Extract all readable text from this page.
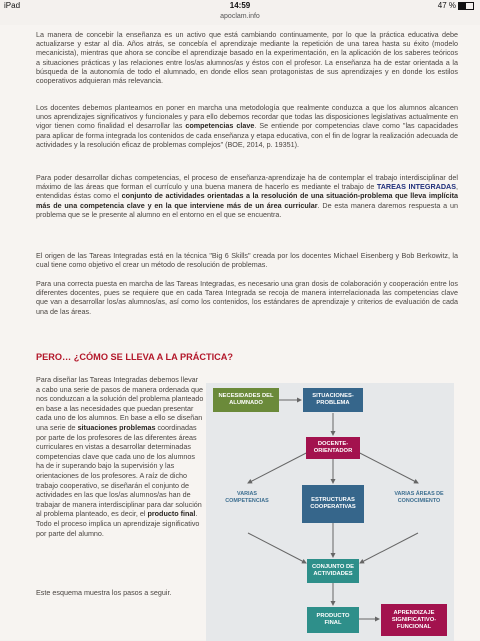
iPad	14:59	47 %
apoclam.info
La manera de concebir la enseñanza es un activo que está cambiando continuamente, por lo que la práctica educativa debe actualizarse y estar al día. Años atrás, se concebía el aprendizaje mediante la repetición de una tarea hasta su éxito (modelo mecanicista), mientras que ahora se concibe el aprendizaje basado en la experimentación, en la aplicación de los saberes teóricos a situaciones prácticas y las relaciones entre los/as alumnos/as y éstos con el profesor. La enseñanza ha de estar orientada a la búsqueda de la autonomía de todo el alumnado, en donde ellos sean protagonistas de sus aprendizajes y en donde los estilos cooperativos adquieran más relevancia.
Los docentes debemos plantearnos en poner en marcha una metodología que realmente conduzca a que los alumnos alcancen unos aprendizajes significativos y funcionales y para ello debemos recordar que todas las disposiciones legislativas actualmente en vigor tienen como finalidad el desarrollar las competencias clave. Se entiende por competencias clave como "las capacidades para aplicar de forma integrada los contenidos de cada enseñanza y etapa educativa, con el fin de lograr la realización adecuada de actividades y la resolución eficaz de problemas complejos" (BOE, 2014, p. 19351).
Para poder desarrollar dichas competencias, el proceso de enseñanza-aprendizaje ha de contemplar el trabajo interdisciplinar del máximo de las áreas que forman el currículo y una buena manera de hacerlo es mediante el trabajo de TAREAS INTEGRADAS, entendidas éstas como el conjunto de actividades orientadas a la resolución de una situación-problema que lleva implícita más de una competencia clave y en la que interviene más de un área curricular. De esta manera daremos respuesta a un problema que se le presente al alumno en el entorno en el que se encuentra.
El origen de las Tareas Integradas está en la técnica "Big 6 Skills" creada por los docentes Michael Eisenberg y Bob Berkowitz, la cual tiene como objetivo el crear un método de resolución de problemas.
Para una correcta puesta en marcha de las Tareas Integradas, es necesario una gran dosis de colaboración y cooperación entre los diferentes docentes, pues se requiere que en cada Tarea Integrada se recoja de manera interrelacionada las competencias clave que van a desarrollar los/as alumnos/as, así como los contenidos, los estándares de aprendizaje y criterios de evaluación de cada una de las áreas.
PERO… ¿CÓMO SE LLEVA A LA PRÁCTICA?
Para diseñar las Tareas Integradas debemos llevar a cabo una serie de pasos de manera ordenada que nos conduzcan a la solución del problema planteado en base a las necesidades que puedan presentar cada uno de los alumnos. En base a ello se diseñan una serie de situaciones problemas coordinadas por parte de los profesores de las diferentes áreas curriculares en vistas a desarrollar determinadas competencias clave que cada uno de los alumnos ha de ir superando bajo la supervisión y las orientaciones de los profesores. A raíz de dicho trabajo cooperativo, se diseñarán el conjunto de actividades en las que los/as alumnos/as han de trabajar de manera interdisciplinar para dar solución al problema planteado, es decir, el producto final. Todo el proceso implica un aprendizaje significativo por parte del alumno.
Este esquema muestra los pasos a seguir.
NECESIDADES DEL ALUMNADO
SITUACIONES-PROBLEMA
DOCENTE-ORIENTADOR
VARIAS COMPETENCIAS	ESTRUCTURAS COOPERATIVAS
VARIAS ÁREAS DE CONOCIMIENTO
CONJUNTO DE ACTIVIDADES
PRODUCTO FINAL
APRENDIZAJE SIGNIFICATIVO-FUNCIONAL
